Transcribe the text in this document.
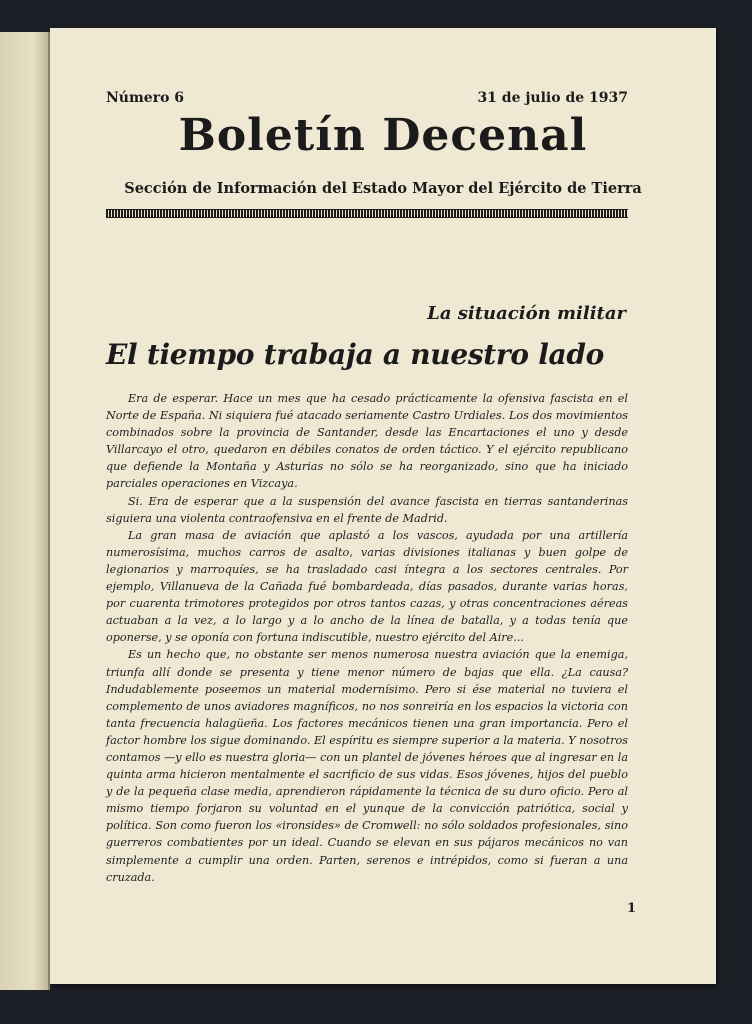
Número 6	31 de julio de 1937
Boletín Decenal
Sección de Información del Estado Mayor del Ejército de Tierra
La situación militar
El tiempo trabaja a nuestro lado

Era de esperar. Hace un mes que ha cesado prácticamente la ofensiva fascista en el Norte de España. Ni siquiera fué atacado seriamente Castro Urdiales. Los dos movimientos combinados sobre la provincia de Santander, desde las Encartaciones el uno y desde Villarcayo el otro, quedaron en débiles conatos de orden táctico. Y el ejército republicano que defiende la Montaña y Asturias no sólo se ha reorganizado, sino que ha iniciado parciales operaciones en Vizcaya.

Si. Era de esperar que a la suspensión del avance fascista en tierras santanderinas siguiera una violenta contraofensiva en el frente de Madrid.

La gran masa de aviación que aplastó a los vascos, ayudada por una artillería numerosísima, muchos carros de asalto, varias divisiones italianas y buen golpe de legionarios y marroquíes, se ha trasladado casi íntegra a los sectores centrales. Por ejemplo, Villanueva de la Cañada fué bombardeada, días pasados, durante varias horas, por cuarenta trimotores protegidos por otros tantos cazas, y otras concentraciones aéreas actuaban a la vez, a lo largo y a lo ancho de la línea de batalla, y a todas tenía que oponerse, y se oponía con fortuna indiscutible, nuestro ejército del Aire...

Es un hecho que, no obstante ser menos numerosa nuestra aviación que la enemiga, triunfa allí donde se presenta y tiene menor número de bajas que ella. ¿La causa? Indudablemente poseemos un material modernísimo. Pero si ése material no tuviera el complemento de unos aviadores magníficos, no nos sonreiría en los espacios la victoria con tanta frecuencia halagüeña. Los factores mecánicos tienen una gran importancia. Pero el factor hombre los sigue dominando. El espíritu es siempre superior a la materia. Y nosotros contamos —y ello es nuestra gloria— con un plantel de jóvenes héroes que al ingresar en la quinta arma hicieron mentalmente el sacrificio de sus vidas. Esos jóvenes, hijos del pueblo y de la pequeña clase media, aprendieron rápidamente la técnica de su duro oficio. Pero al mismo tiempo forjaron su voluntad en el yunque de la convicción patriótica, social y política. Son como fueron los «ironsides» de Cromwell: no sólo soldados profesionales, sino guerreros combatientes por un ideal. Cuando se elevan en sus pájaros mecánicos no van simplemente a cumplir una orden. Parten, serenos e intrépidos, como si fueran a una cruzada.

1
